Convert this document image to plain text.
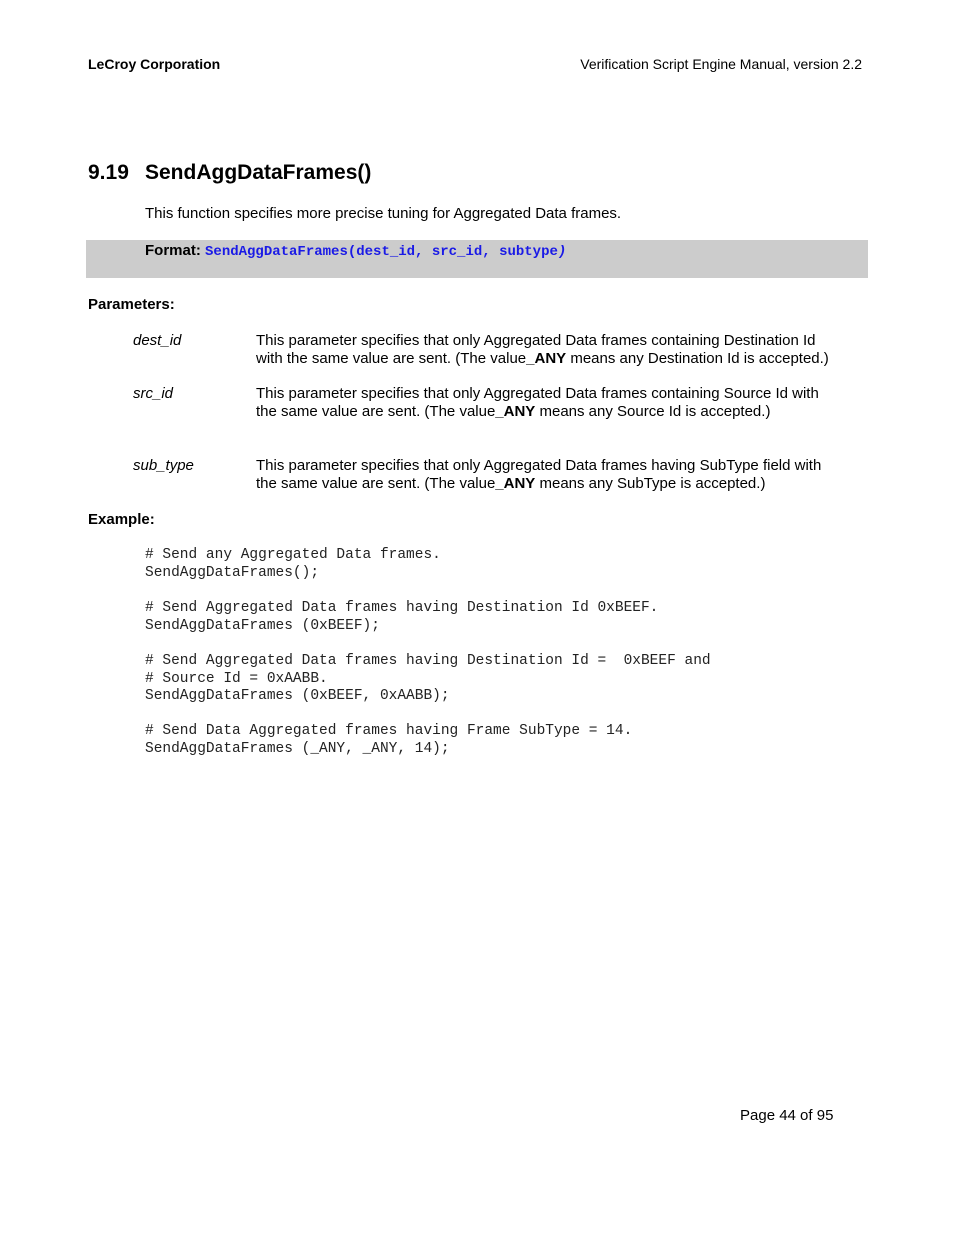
LeCroy Corporation	Verification Script Engine Manual, version 2.2
9.19 SendAggDataFrames()

This function specifies more precise tuning for Aggregated Data frames.

Format: SendAggDataFrames(dest_id, src_id, subtype)
Parameters:
dest_id	This parameter specifies that only Aggregated Data frames containing Destination Id
with the same value are sent. (The value_ANY means any Destination Id is accepted.)
src_id	This parameter specifies that only Aggregated Data frames containing Source Id with
the same value are sent. (The value_ANY means any Source Id is accepted.)
sub_type	This parameter specifies that only Aggregated Data frames having SubType field with
the same value are sent. (The value_ANY means any SubType is accepted.)
Example:
# Send any Aggregated Data frames.
SendAggDataFrames();
# Send Aggregated Data frames having Destination Id 0xBEEF.
SendAggDataFrames (0xBEEF);
# Send Aggregated Data frames having Destination Id =  0xBEEF and
# Source Id = 0xAABB.
SendAggDataFrames (0xBEEF, 0xAABB);
# Send Data Aggregated frames having Frame SubType = 14.
SendAggDataFrames (_ANY, _ANY, 14);
Page 44 of 95
